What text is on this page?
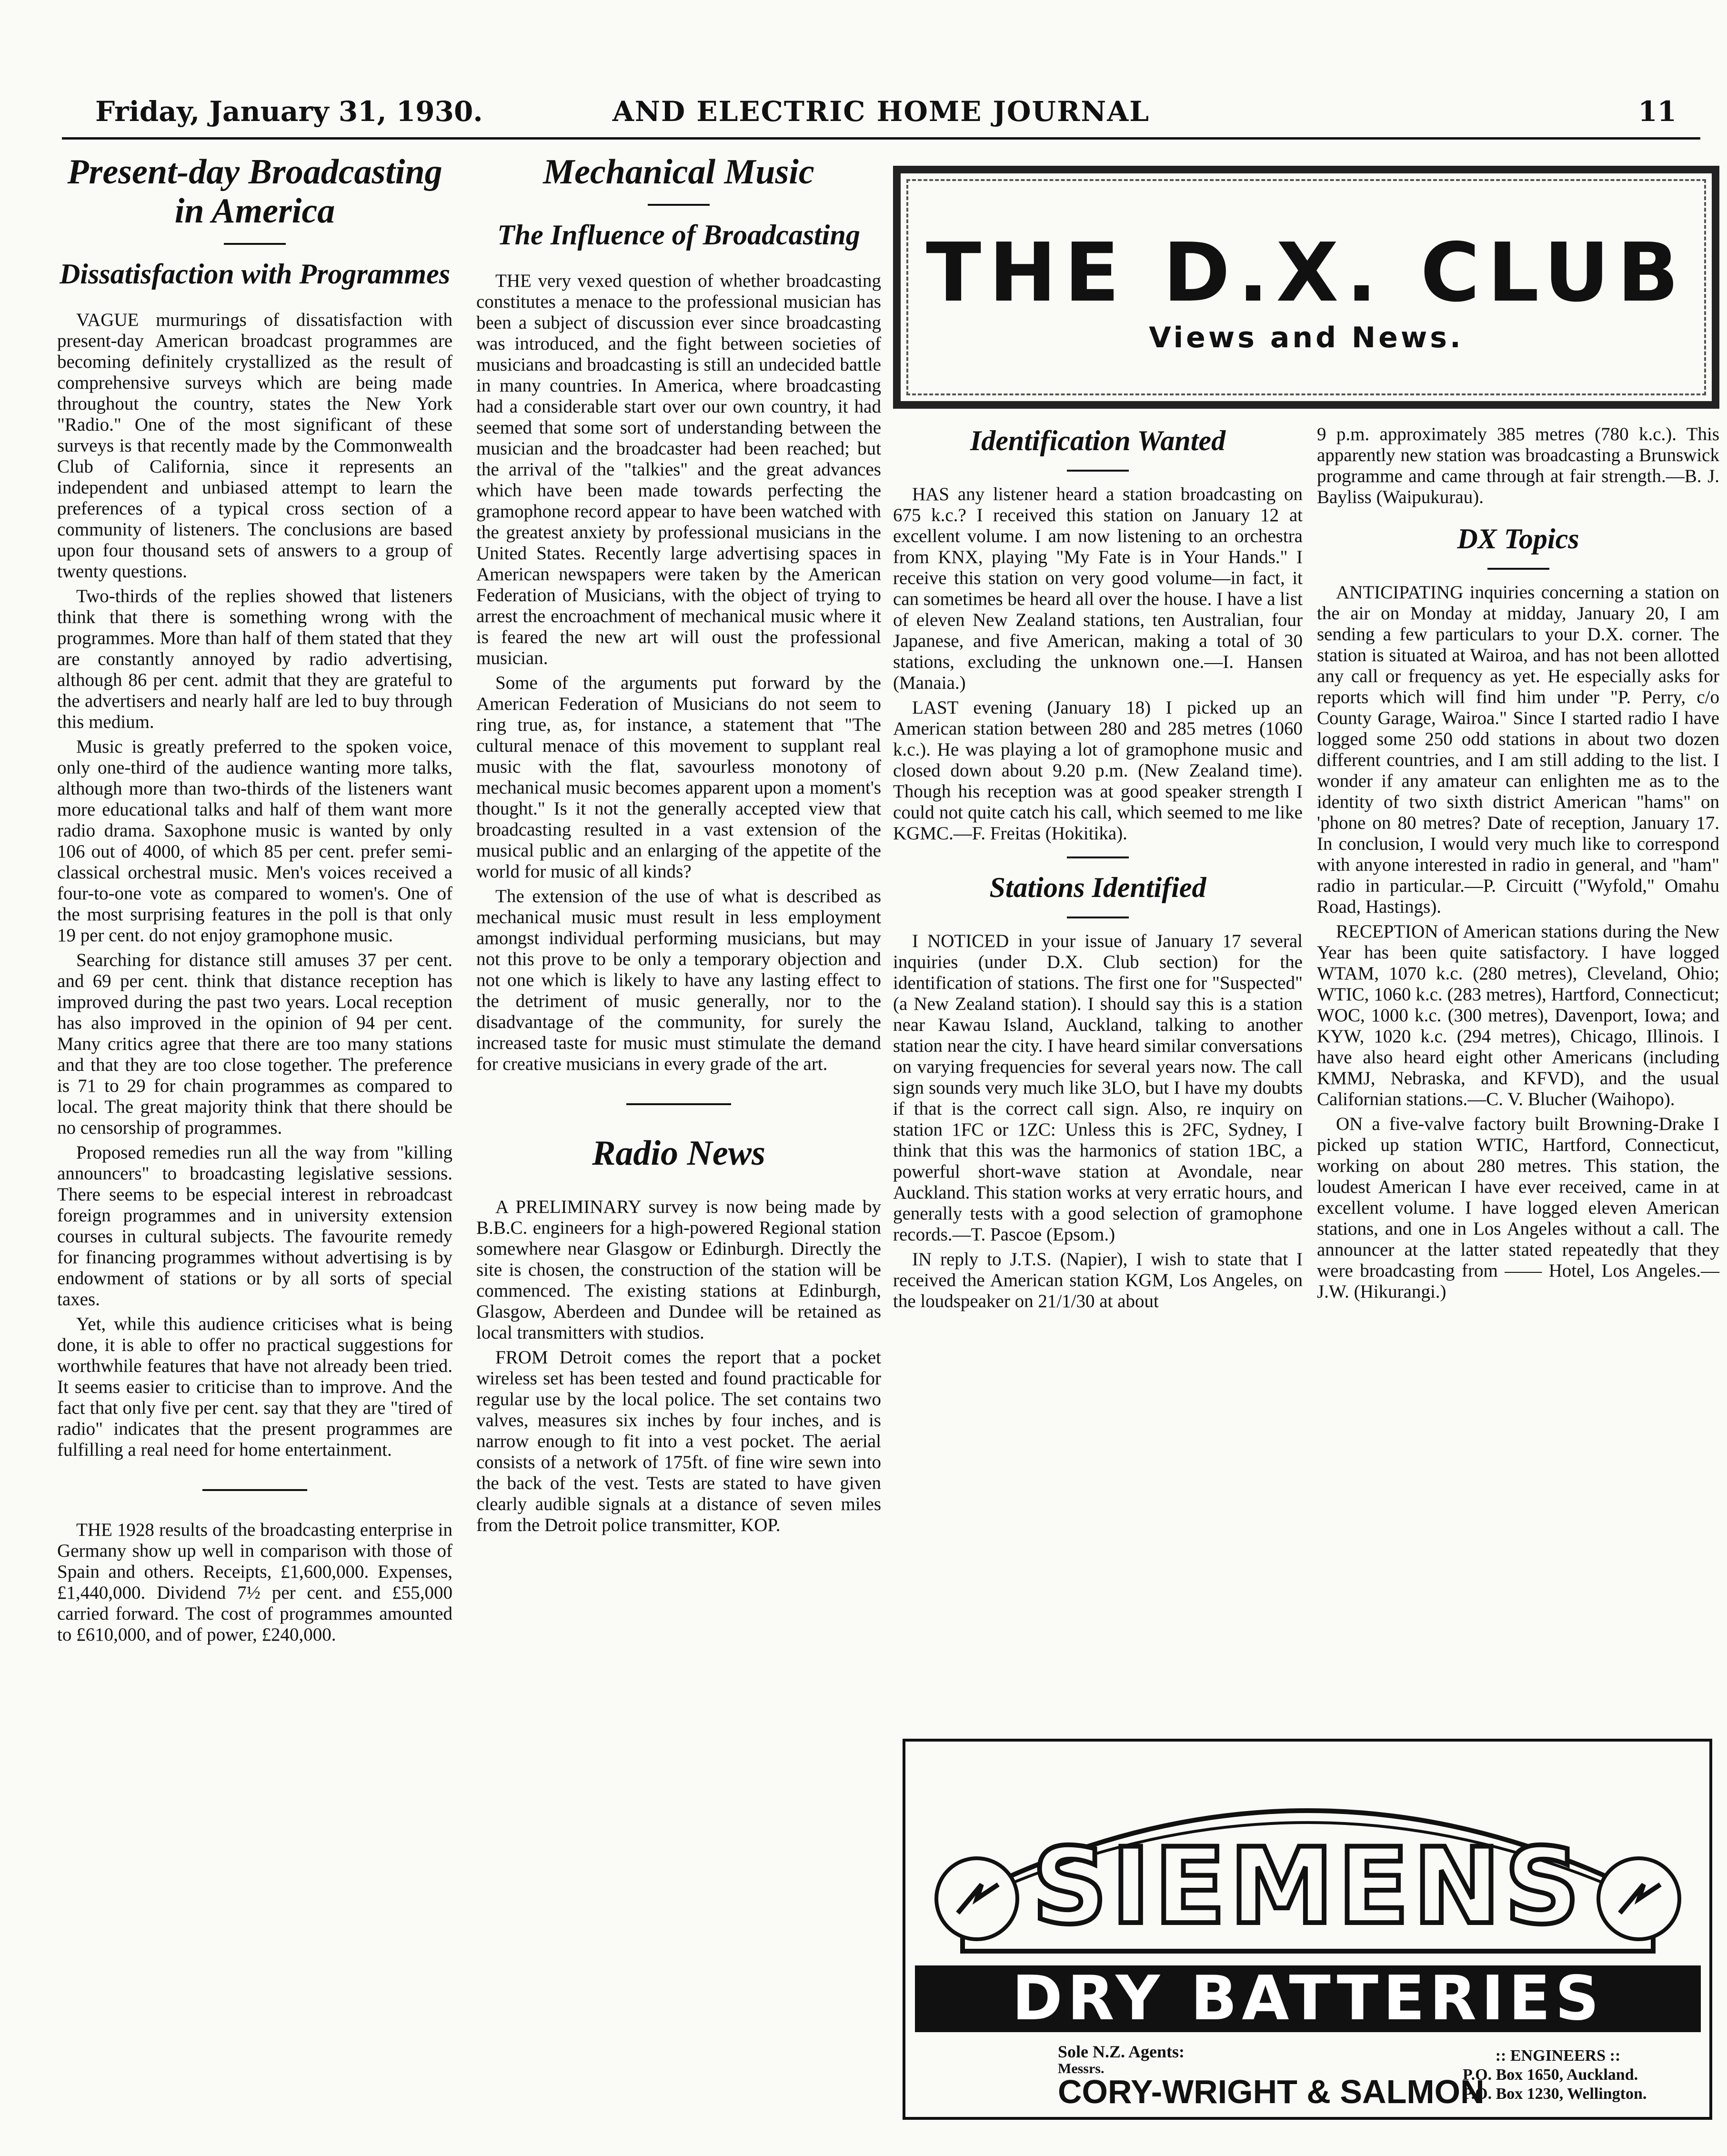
Friday, January 31, 1930.	AND ELECTRIC HOME JOURNAL	11
Present-day Broadcasting in America
Dissatisfaction with Programmes

VAGUE murmurings of dissatisfaction with present-day American broadcast programmes are becoming definitely crystallized as the result of comprehensive surveys which are being made throughout the country, states the New York "Radio." One of the most significant of these surveys is that recently made by the Commonwealth Club of California, since it represents an independent and unbiased attempt to learn the preferences of a typical cross section of a community of listeners. The conclusions are based upon four thousand sets of answers to a group of twenty questions.

Two-thirds of the replies showed that listeners think that there is something wrong with the programmes. More than half of them stated that they are constantly annoyed by radio advertising, although 86 per cent. admit that they are grateful to the advertisers and nearly half are led to buy through this medium.

Music is greatly preferred to the spoken voice, only one-third of the audience wanting more talks, although more than two-thirds of the listeners want more educational talks and half of them want more radio drama. Saxophone music is wanted by only 106 out of 4000, of which 85 per cent. prefer semi-classical orchestral music. Men's voices received a four-to-one vote as compared to women's. One of the most surprising features in the poll is that only 19 per cent. do not enjoy gramophone music.

Searching for distance still amuses 37 per cent. and 69 per cent. think that distance reception has improved during the past two years. Local reception has also improved in the opinion of 94 per cent. Many critics agree that there are too many stations and that they are too close together. The preference is 71 to 29 for chain programmes as compared to local. The great majority think that there should be no censorship of programmes.

Proposed remedies run all the way from "killing announcers" to broadcasting legislative sessions. There seems to be especial interest in rebroadcast foreign programmes and in university extension courses in cultural subjects. The favourite remedy for financing programmes without advertising is by endowment of stations or by all sorts of special taxes.

Yet, while this audience criticises what is being done, it is able to offer no practical suggestions for worthwhile features that have not already been tried. It seems easier to criticise than to improve. And the fact that only five per cent. say that they are "tired of radio" indicates that the present programmes are fulfilling a real need for home entertainment.

THE 1928 results of the broadcasting enterprise in Germany show up well in comparison with those of Spain and others. Receipts, £1,600,000. Expenses, £1,440,000. Dividend 7½ per cent. and £55,000 carried forward. The cost of programmes amounted to £610,000, and of power, £240,000.

Mechanical Music
The Influence of Broadcasting

THE very vexed question of whether broadcasting constitutes a menace to the professional musician has been a subject of discussion ever since broadcasting was introduced, and the fight between societies of musicians and broadcasting is still an undecided battle in many countries. In America, where broadcasting had a considerable start over our own country, it had seemed that some sort of understanding between the musician and the broadcaster had been reached; but the arrival of the "talkies" and the great advances which have been made towards perfecting the gramophone record appear to have been watched with the greatest anxiety by professional musicians in the United States. Recently large advertising spaces in American newspapers were taken by the American Federation of Musicians, with the object of trying to arrest the encroachment of mechanical music where it is feared the new art will oust the professional musician.

Some of the arguments put forward by the American Federation of Musicians do not seem to ring true, as, for instance, a statement that "The cultural menace of this movement to supplant real music with the flat, savourless monotony of mechanical music becomes apparent upon a moment's thought." Is it not the generally accepted view that broadcasting resulted in a vast extension of the musical public and an enlarging of the appetite of the world for music of all kinds?

The extension of the use of what is described as mechanical music must result in less employment amongst individual performing musicians, but may not this prove to be only a temporary objection and not one which is likely to have any lasting effect to the detriment of music generally, nor to the disadvantage of the community, for surely the increased taste for music must stimulate the demand for creative musicians in every grade of the art.

Radio News

A PRELIMINARY survey is now being made by B.B.C. engineers for a high-powered Regional station somewhere near Glasgow or Edinburgh. Directly the site is chosen, the construction of the station will be commenced. The existing stations at Edinburgh, Glasgow, Aberdeen and Dundee will be retained as local transmitters with studios.

FROM Detroit comes the report that a pocket wireless set has been tested and found practicable for regular use by the local police. The set contains two valves, measures six inches by four inches, and is narrow enough to fit into a vest pocket. The aerial consists of a network of 175ft. of fine wire sewn into the back of the vest. Tests are stated to have given clearly audible signals at a distance of seven miles from the Detroit police transmitter, KOP.

THE D.X. CLUB
Views and News.
Identification Wanted

HAS any listener heard a station broadcasting on 675 k.c.? I received this station on January 12 at excellent volume. I am now listening to an orchestra from KNX, playing "My Fate is in Your Hands." I receive this station on very good volume—in fact, it can sometimes be heard all over the house. I have a list of eleven New Zealand stations, ten Australian, four Japanese, and five American, making a total of 30 stations, excluding the unknown one.—I. Hansen (Manaia.)

LAST evening (January 18) I picked up an American station between 280 and 285 metres (1060 k.c.). He was playing a lot of gramophone music and closed down about 9.20 p.m. (New Zealand time). Though his reception was at good speaker strength I could not quite catch his call, which seemed to me like KGMC.—F. Freitas (Hokitika).

Stations Identified

I NOTICED in your issue of January 17 several inquiries (under D.X. Club section) for the identification of stations. The first one for "Suspected" (a New Zealand station). I should say this is a station near Kawau Island, Auckland, talking to another station near the city. I have heard similar conversations on varying frequencies for several years now. The call sign sounds very much like 3LO, but I have my doubts if that is the correct call sign. Also, re inquiry on station 1FC or 1ZC: Unless this is 2FC, Sydney, I think that this was the harmonics of station 1BC, a powerful short-wave station at Avondale, near Auckland. This station works at very erratic hours, and generally tests with a good selection of gramophone records.—T. Pascoe (Epsom.)

IN reply to J.T.S. (Napier), I wish to state that I received the American station KGM, Los Angeles, on the loudspeaker on 21/1/30 at about

9 p.m. approximately 385 metres (780 k.c.). This apparently new station was broadcasting a Brunswick programme and came through at fair strength.—B. J. Bayliss (Waipukurau).

DX Topics

ANTICIPATING inquiries concerning a station on the air on Monday at midday, January 20, I am sending a few particulars to your D.X. corner. The station is situated at Wairoa, and has not been allotted any call or frequency as yet. He especially asks for reports which will find him under "P. Perry, c/o County Garage, Wairoa." Since I started radio I have logged some 250 odd stations in about two dozen different countries, and I am still adding to the list. I wonder if any amateur can enlighten me as to the identity of two sixth district American "hams" on 'phone on 80 metres? Date of reception, January 17. In conclusion, I would very much like to correspond with anyone interested in radio in general, and "ham" radio in particular.—P. Circuitt ("Wyfold," Omahu Road, Hastings).

RECEPTION of American stations during the New Year has been quite satisfactory. I have logged WTAM, 1070 k.c. (280 metres), Cleveland, Ohio; WTIC, 1060 k.c. (283 metres), Hartford, Connecticut; WOC, 1000 k.c. (300 metres), Davenport, Iowa; and KYW, 1020 k.c. (294 metres), Chicago, Illinois. I have also heard eight other Americans (including KMMJ, Nebraska, and KFVD), and the usual Californian stations.—C. V. Blucher (Waihopo).

ON a five-valve factory built Browning-Drake I picked up station WTIC, Hartford, Connecticut, working on about 280 metres. This station, the loudest American I have ever received, came in at excellent volume. I have logged eleven American stations, and one in Los Angeles without a call. The announcer at the latter stated repeatedly that they were broadcasting from —— Hotel, Los Angeles.—J.W. (Hikurangi.)

SIEMENS
DRY BATTERIES
Sole N.Z. Agents:
Messrs.
CORY-WRIGHT & SALMON
:: ENGINEERS ::
P.O. Box 1650, Auckland.
P.O. Box 1230, Wellington.
